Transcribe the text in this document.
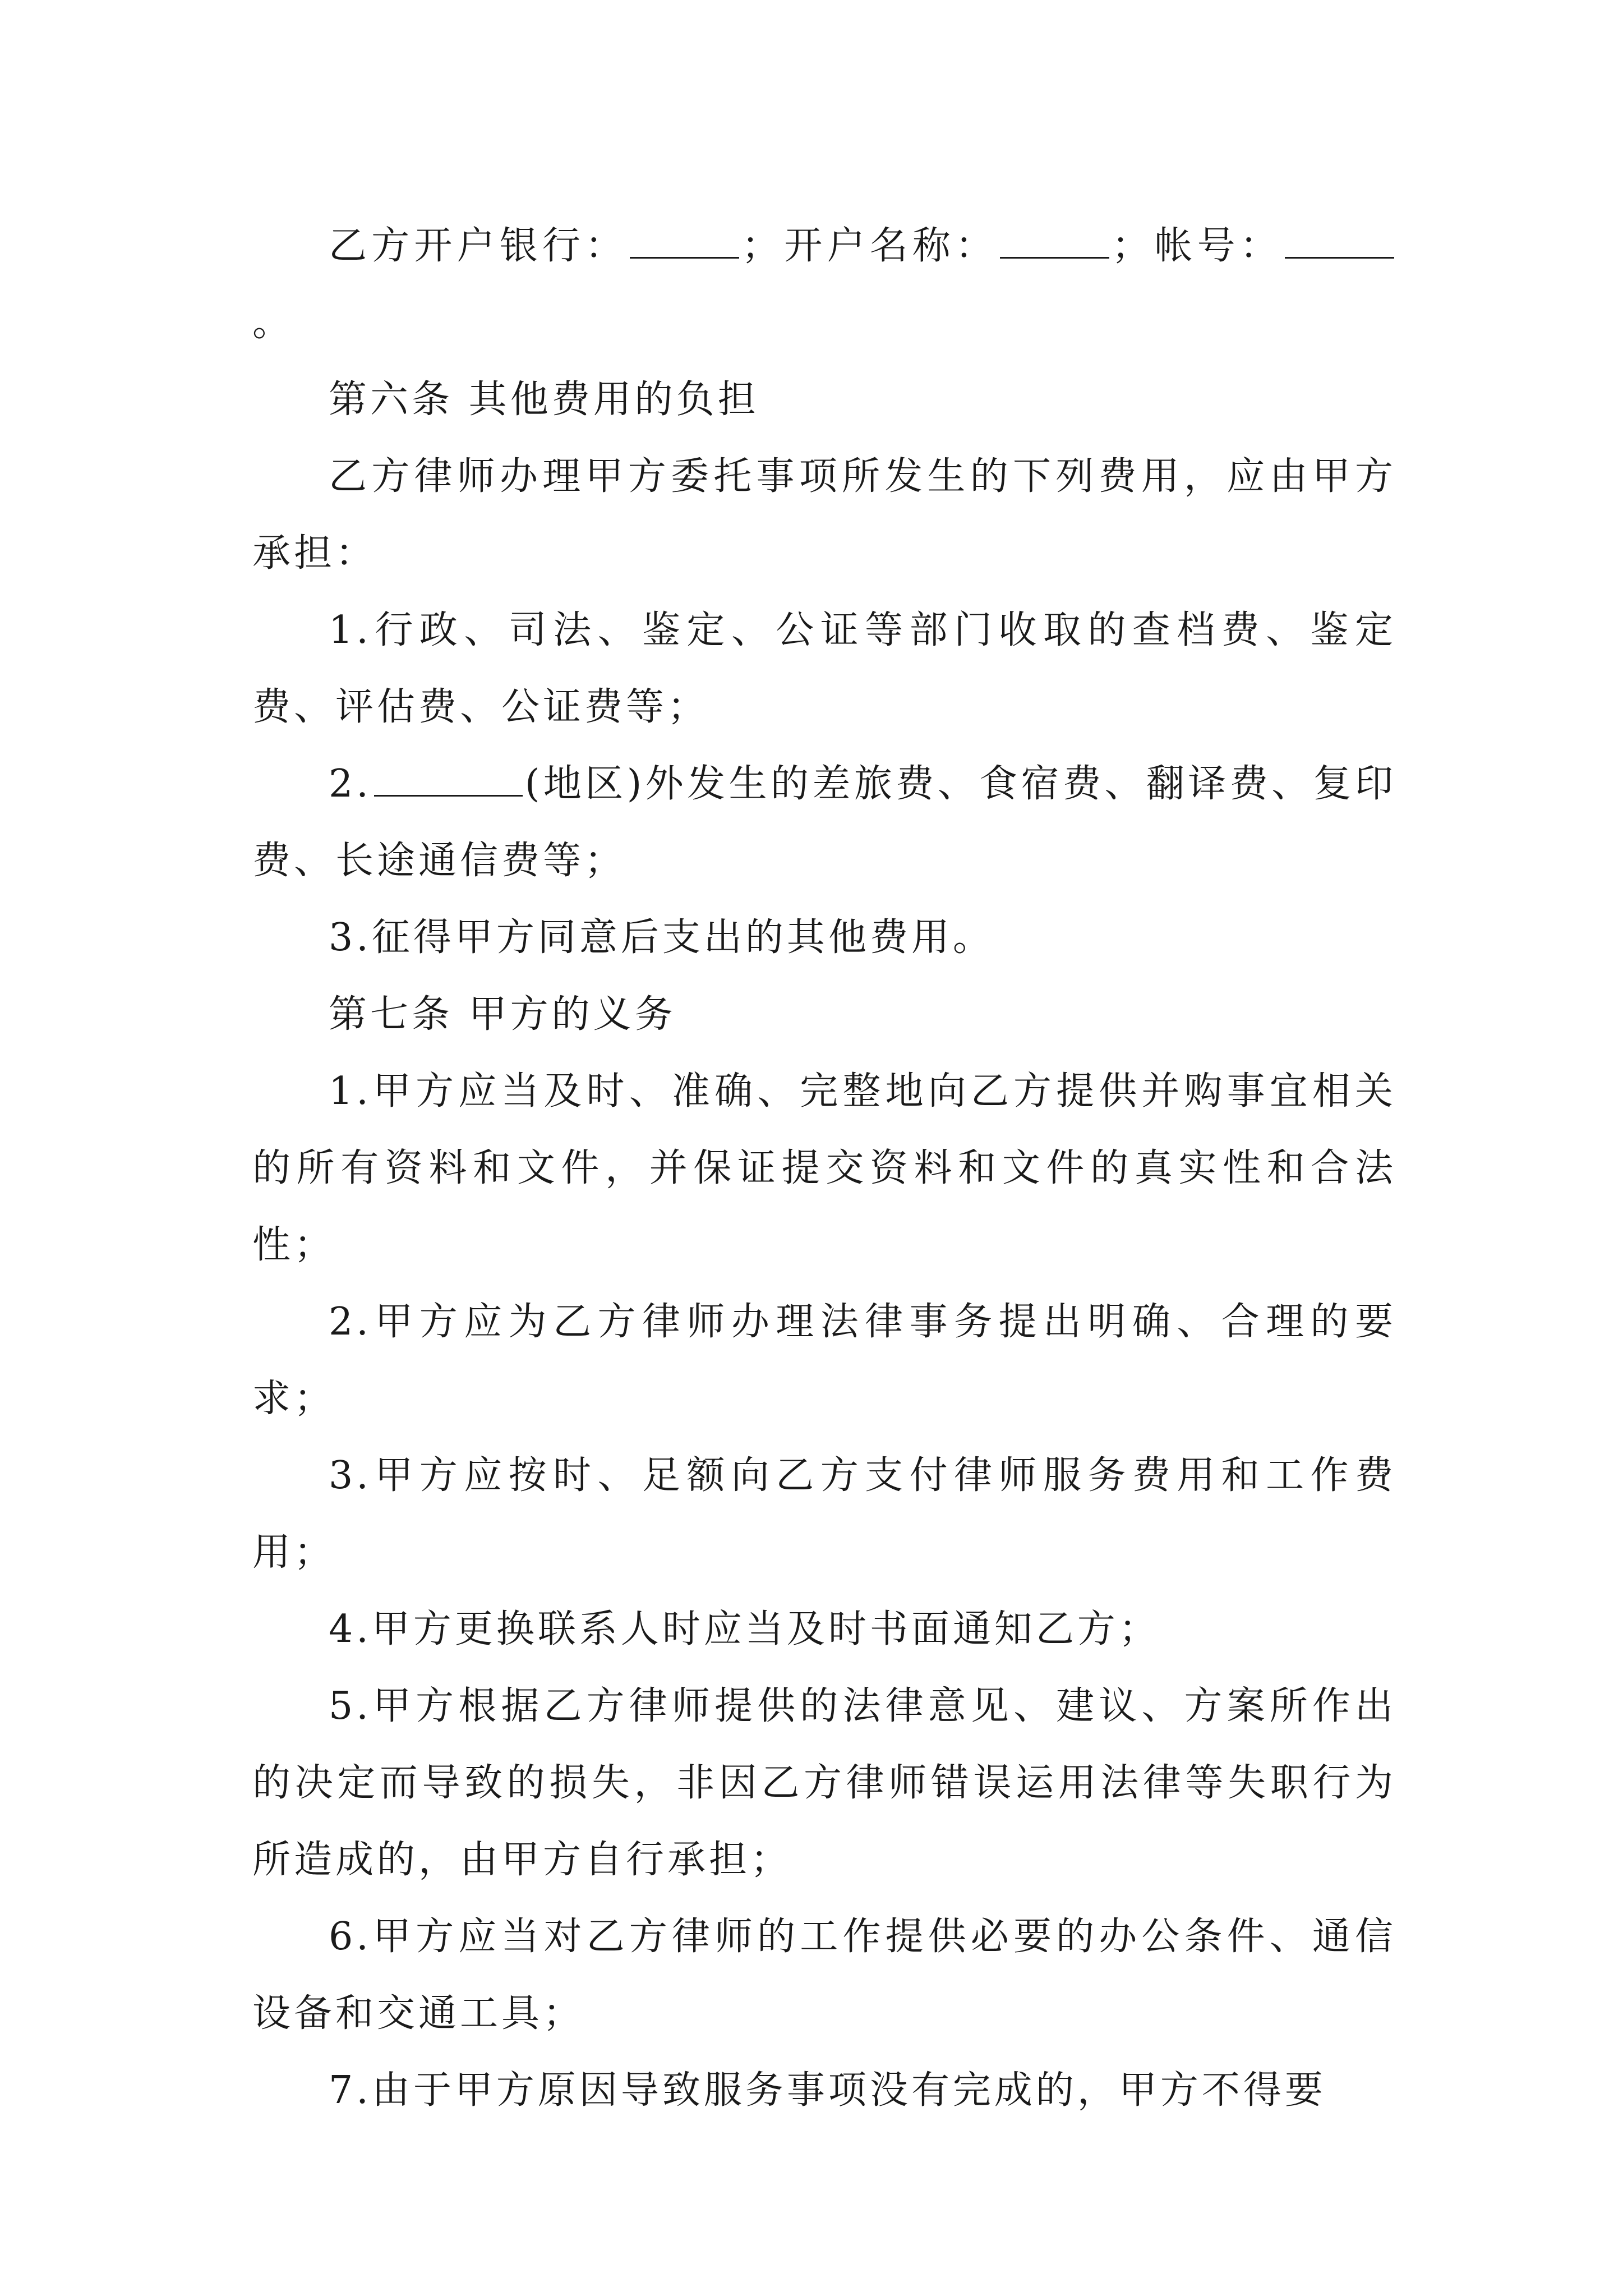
乙方开户银行：	；开户名称：	；帐号：。

第六条 其他费用的负担

乙方律师办理甲方委托事项所发生的下列费用，应由甲方承担：

1.行政、司法、鉴定、公证等部门收取的查档费、鉴定费、评估费、公证费等；

2.	(地区)外发生的差旅费、食宿费、翻译费、复印费、长途通信费等；

3.征得甲方同意后支出的其他费用。

第七条 甲方的义务

1.甲方应当及时、准确、完整地向乙方提供并购事宜相关的所有资料和文件，并保证提交资料和文件的真实性和合法性；

2.甲方应为乙方律师办理法律事务提出明确、合理的要求；

3.甲方应按时、足额向乙方支付律师服务费用和工作费用；

4.甲方更换联系人时应当及时书面通知乙方；

5.甲方根据乙方律师提供的法律意见、建议、方案所作出的决定而导致的损失，非因乙方律师错误运用法律等失职行为所造成的，由甲方自行承担；

6.甲方应当对乙方律师的工作提供必要的办公条件、通信设备和交通工具；

7.由于甲方原因导致服务事项没有完成的，甲方不得要
